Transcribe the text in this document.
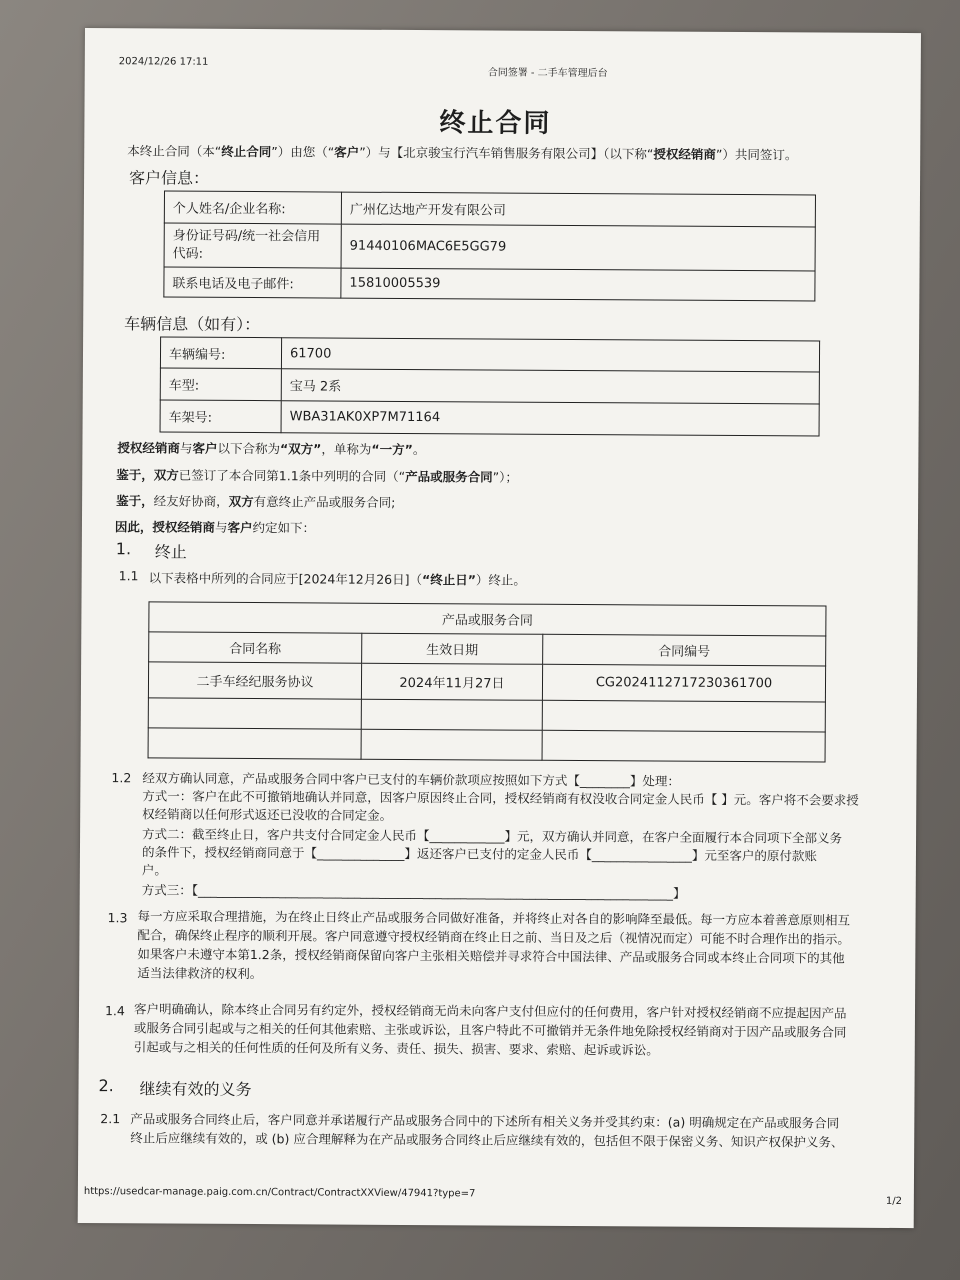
2024/12/26 17:11
合同签署 - 二手车管理后台
终止合同
本终止合同（本“终止合同”）由您（“客户”）与【北京骏宝行汽车销售服务有限公司】（以下称“授权经销商”）共同签订。
客户信息：
个人姓名/企业名称:	广州亿达地产开发有限公司
身份证号码/统一社会信用代码:	91440106MAC6E5GG79
联系电话及电子邮件:	15810005539
车辆信息（如有）：
车辆编号:	61700
车型:	宝马 2系
车架号:	WBA31AK0XP7M71164
授权经销商与客户以下合称为“双方”，单称为“一方”。
鉴于，双方已签订了本合同第1.1条中列明的合同（“产品或服务合同”）；
鉴于，经友好协商，双方有意终止产品或服务合同;
因此，授权经销商与客户约定如下：
1. 终止
1.1 以下表格中所列的合同应于[2024年12月26日]（“终止日”）终止。
产品或服务合同		
合同名称	生效日期	合同编号
二手车经纪服务协议	2024年11月27日	CG20241127172303617​00

1.2 经双方确认同意，产品或服务合同中客户已支付的车辆价款项应按照如下方式【________】处理：
方式一：客户在此不可撤销地确认并同意，因客户原因终止合同，授权经销商有权没收合同定金人民币【 】元。客户将不会要求授
权经销商以任何形式返还已没收的合同定金。
方式二：截至终止日，客户共支付合同定金人民币【____________】元，双方确认并同意，在客户全面履行本合同项下全部义务
的条件下，授权经销商同意于【______________】返还客户已支付的定金人民币【________________】元至客户的原付款账
户。
方式三：【____________________________________________________________________________】
1.3 每一方应采取合理措施，为在终止日终止产品或服务合同做好准备，并将终止对各自的影响降至最低。每一方应本着善意原则相互
配合，确保终止程序的顺利开展。客户同意遵守授权经销商在终止日之前、当日及之后（视情况而定）可能不时合理作出的指示。
如果客户未遵守本第1.2条，授权经销商保留向客户主张相关赔偿并寻求符合中国法律、产品或服务合同或本终止合同项下的其他
适当法律救济的权利。
1.4 客户明确确认，除本终止合同另有约定外，授权经销商无尚未向客户支付但应付的任何费用，客户针对授权经销商不应提起因产品
或服务合同引起或与之相关的任何其他索赔、主张或诉讼，且客户特此不可撤销并无条件地免除授权经销商对于因产品或服务合同
引起或与之相关的任何性质的任何及所有义务、责任、损失、损害、要求、索赔、起诉或诉讼。
2. 继续有效的义务
2.1 产品或服务合同终止后，客户同意并承诺履行产品或服务合同中的下述所有相关义务并受其约束：(a) 明确规定在产品或服务合同
终止后应继续有效的，或 (b) 应合理解释为在产品或服务合同终止后应继续有效的，包括但不限于保密义务、知识产权保护义务、
https://usedcar-manage.paig.com.cn/Contract/ContractXXView/47941?type=7
1/2
